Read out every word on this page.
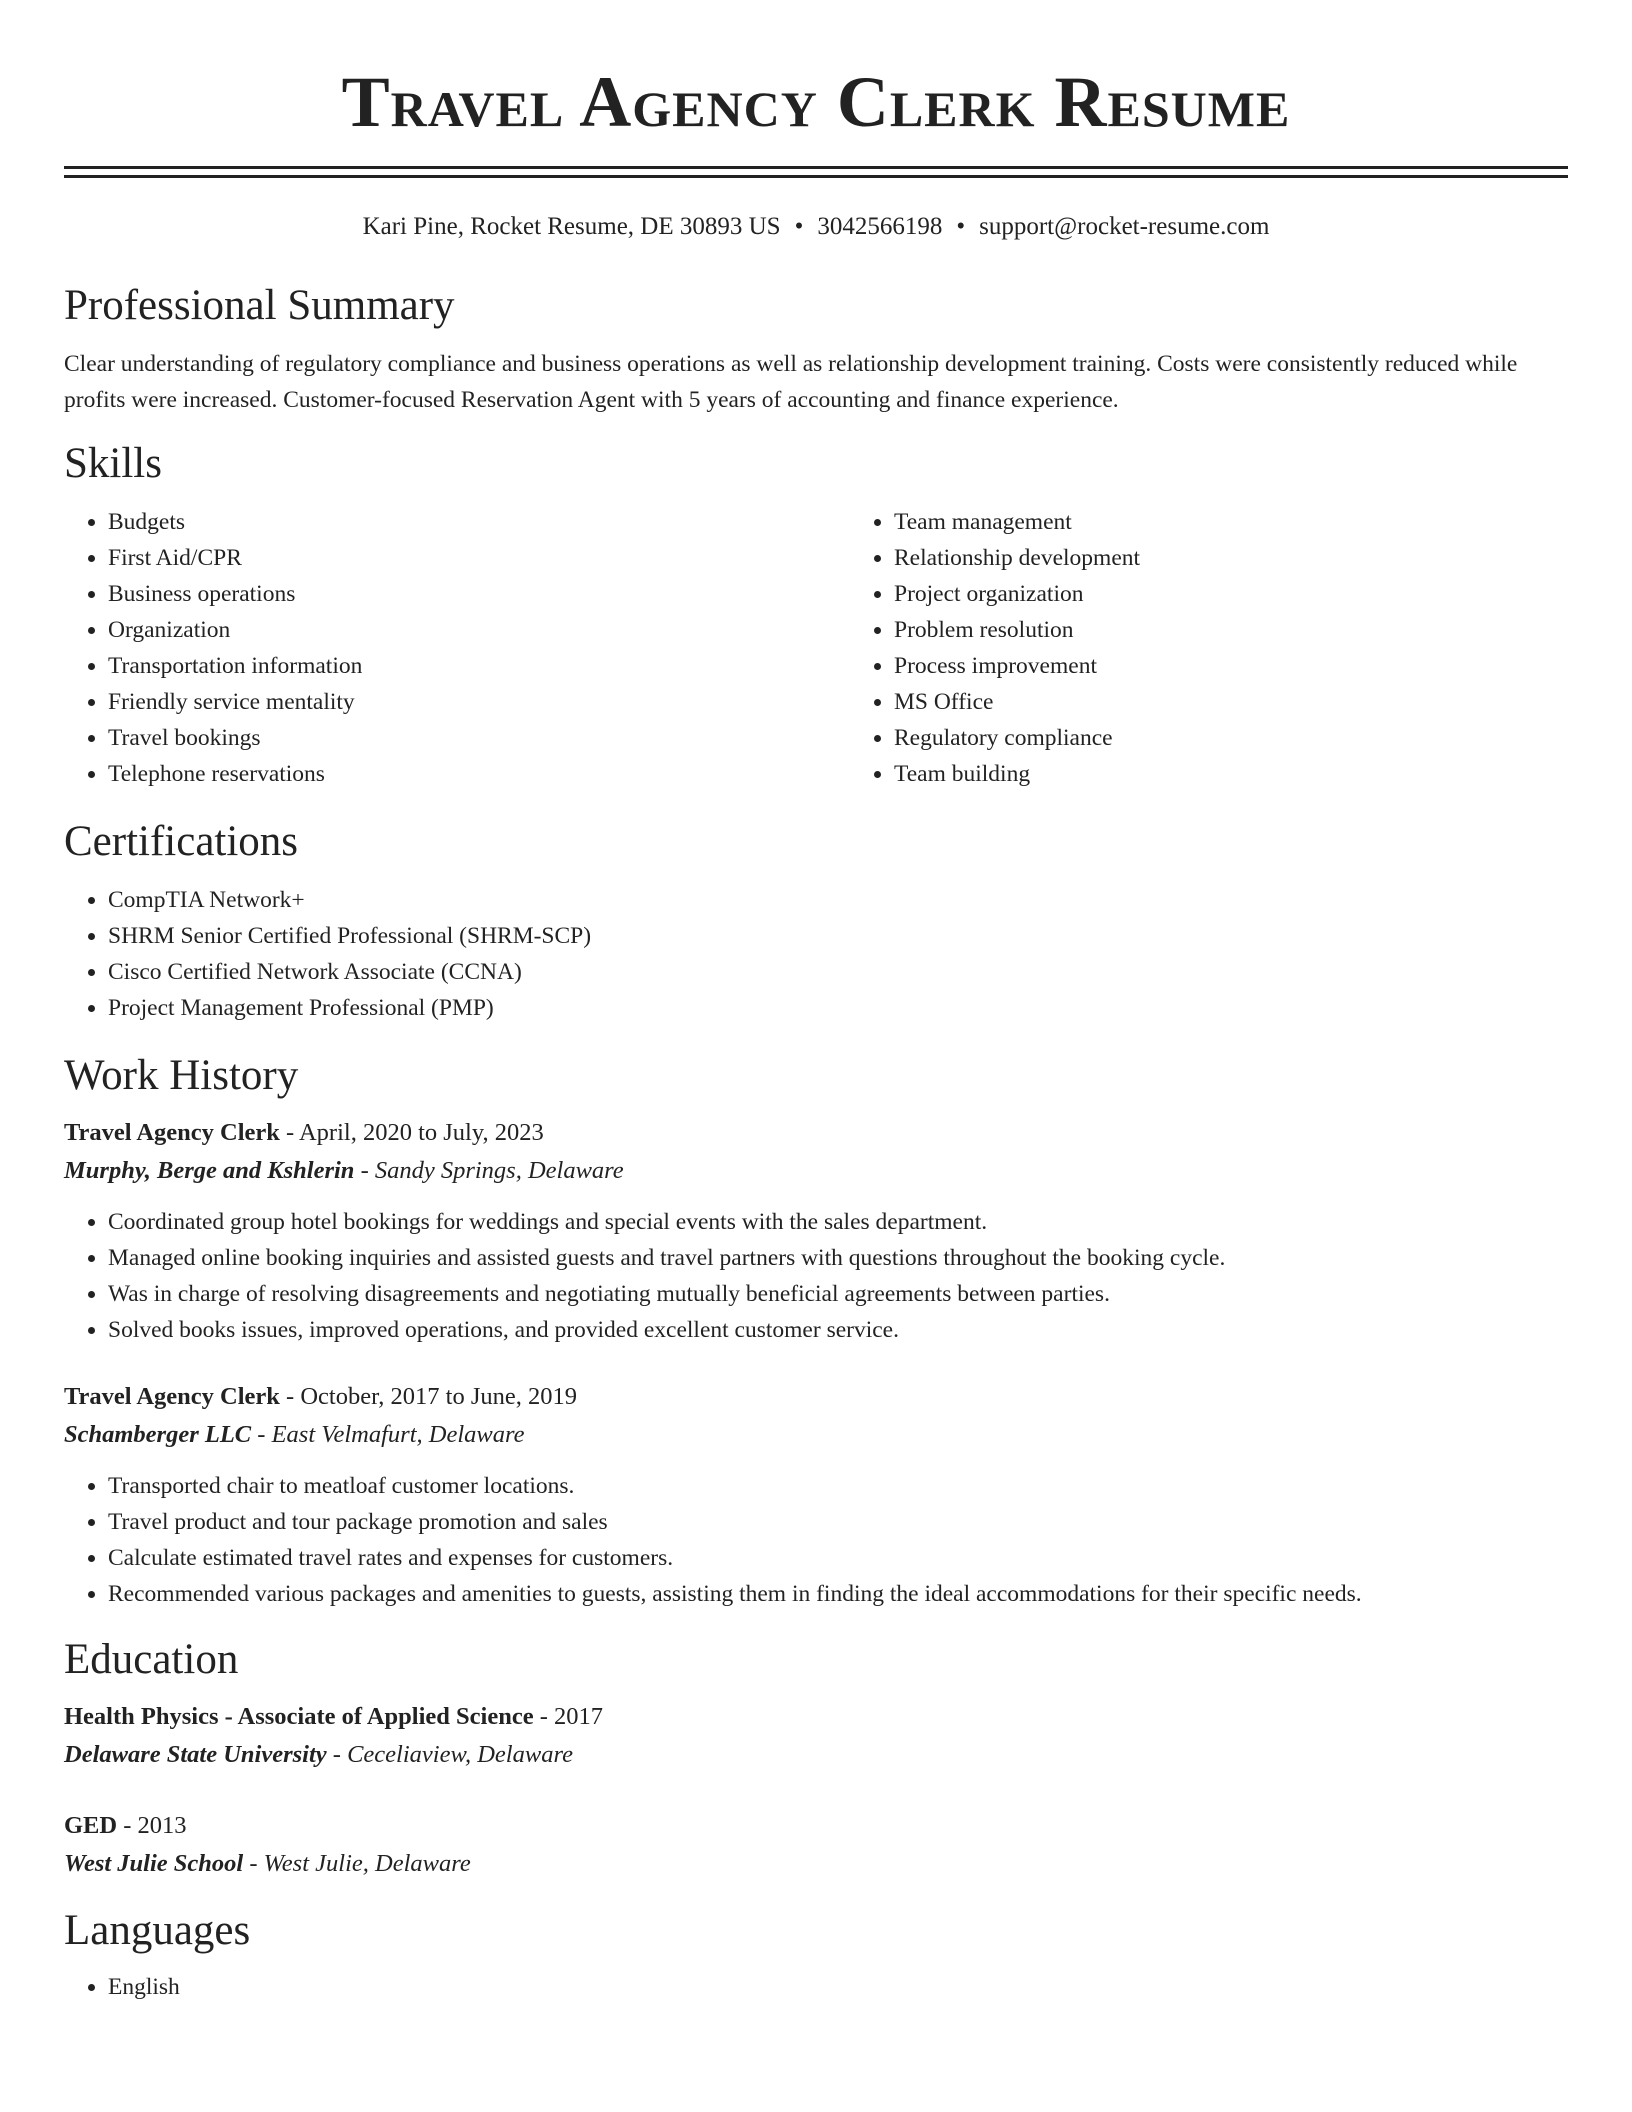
Travel Agency Clerk Resume
Kari Pine, Rocket Resume, DE 30893 US • 3042566198 • support@rocket-resume.com
Professional Summary

Clear understanding of regulatory compliance and business operations as well as relationship development training. Costs were consistently reduced while profits were increased. Customer-focused Reservation Agent with 5 years of accounting and finance experience.

Skills
• Budgets
• First Aid/CPR
• Business operations
• Organization
• Transportation information
• Friendly service mentality
• Travel bookings
• Telephone reservations
• Team management
• Relationship development
• Project organization
• Problem resolution
• Process improvement
• MS Office
• Regulatory compliance
• Team building
Certifications
• CompTIA Network+
• SHRM Senior Certified Professional (SHRM-SCP)
• Cisco Certified Network Associate (CCNA)
• Project Management Professional (PMP)
Work History
Travel Agency Clerk - April, 2020 to July, 2023
Murphy, Berge and Kshlerin - Sandy Springs, Delaware
• Coordinated group hotel bookings for weddings and special events with the sales department.
• Managed online booking inquiries and assisted guests and travel partners with questions throughout the booking cycle.
• Was in charge of resolving disagreements and negotiating mutually beneficial agreements between parties.
• Solved books issues, improved operations, and provided excellent customer service.
Travel Agency Clerk - October, 2017 to June, 2019
Schamberger LLC - East Velmafurt, Delaware
• Transported chair to meatloaf customer locations.
• Travel product and tour package promotion and sales
• Calculate estimated travel rates and expenses for customers.
• Recommended various packages and amenities to guests, assisting them in finding the ideal accommodations for their specific needs.
Education
Health Physics - Associate of Applied Science - 2017
Delaware State University - Ceceliaview, Delaware
GED - 2013
West Julie School - West Julie, Delaware
Languages
• English
